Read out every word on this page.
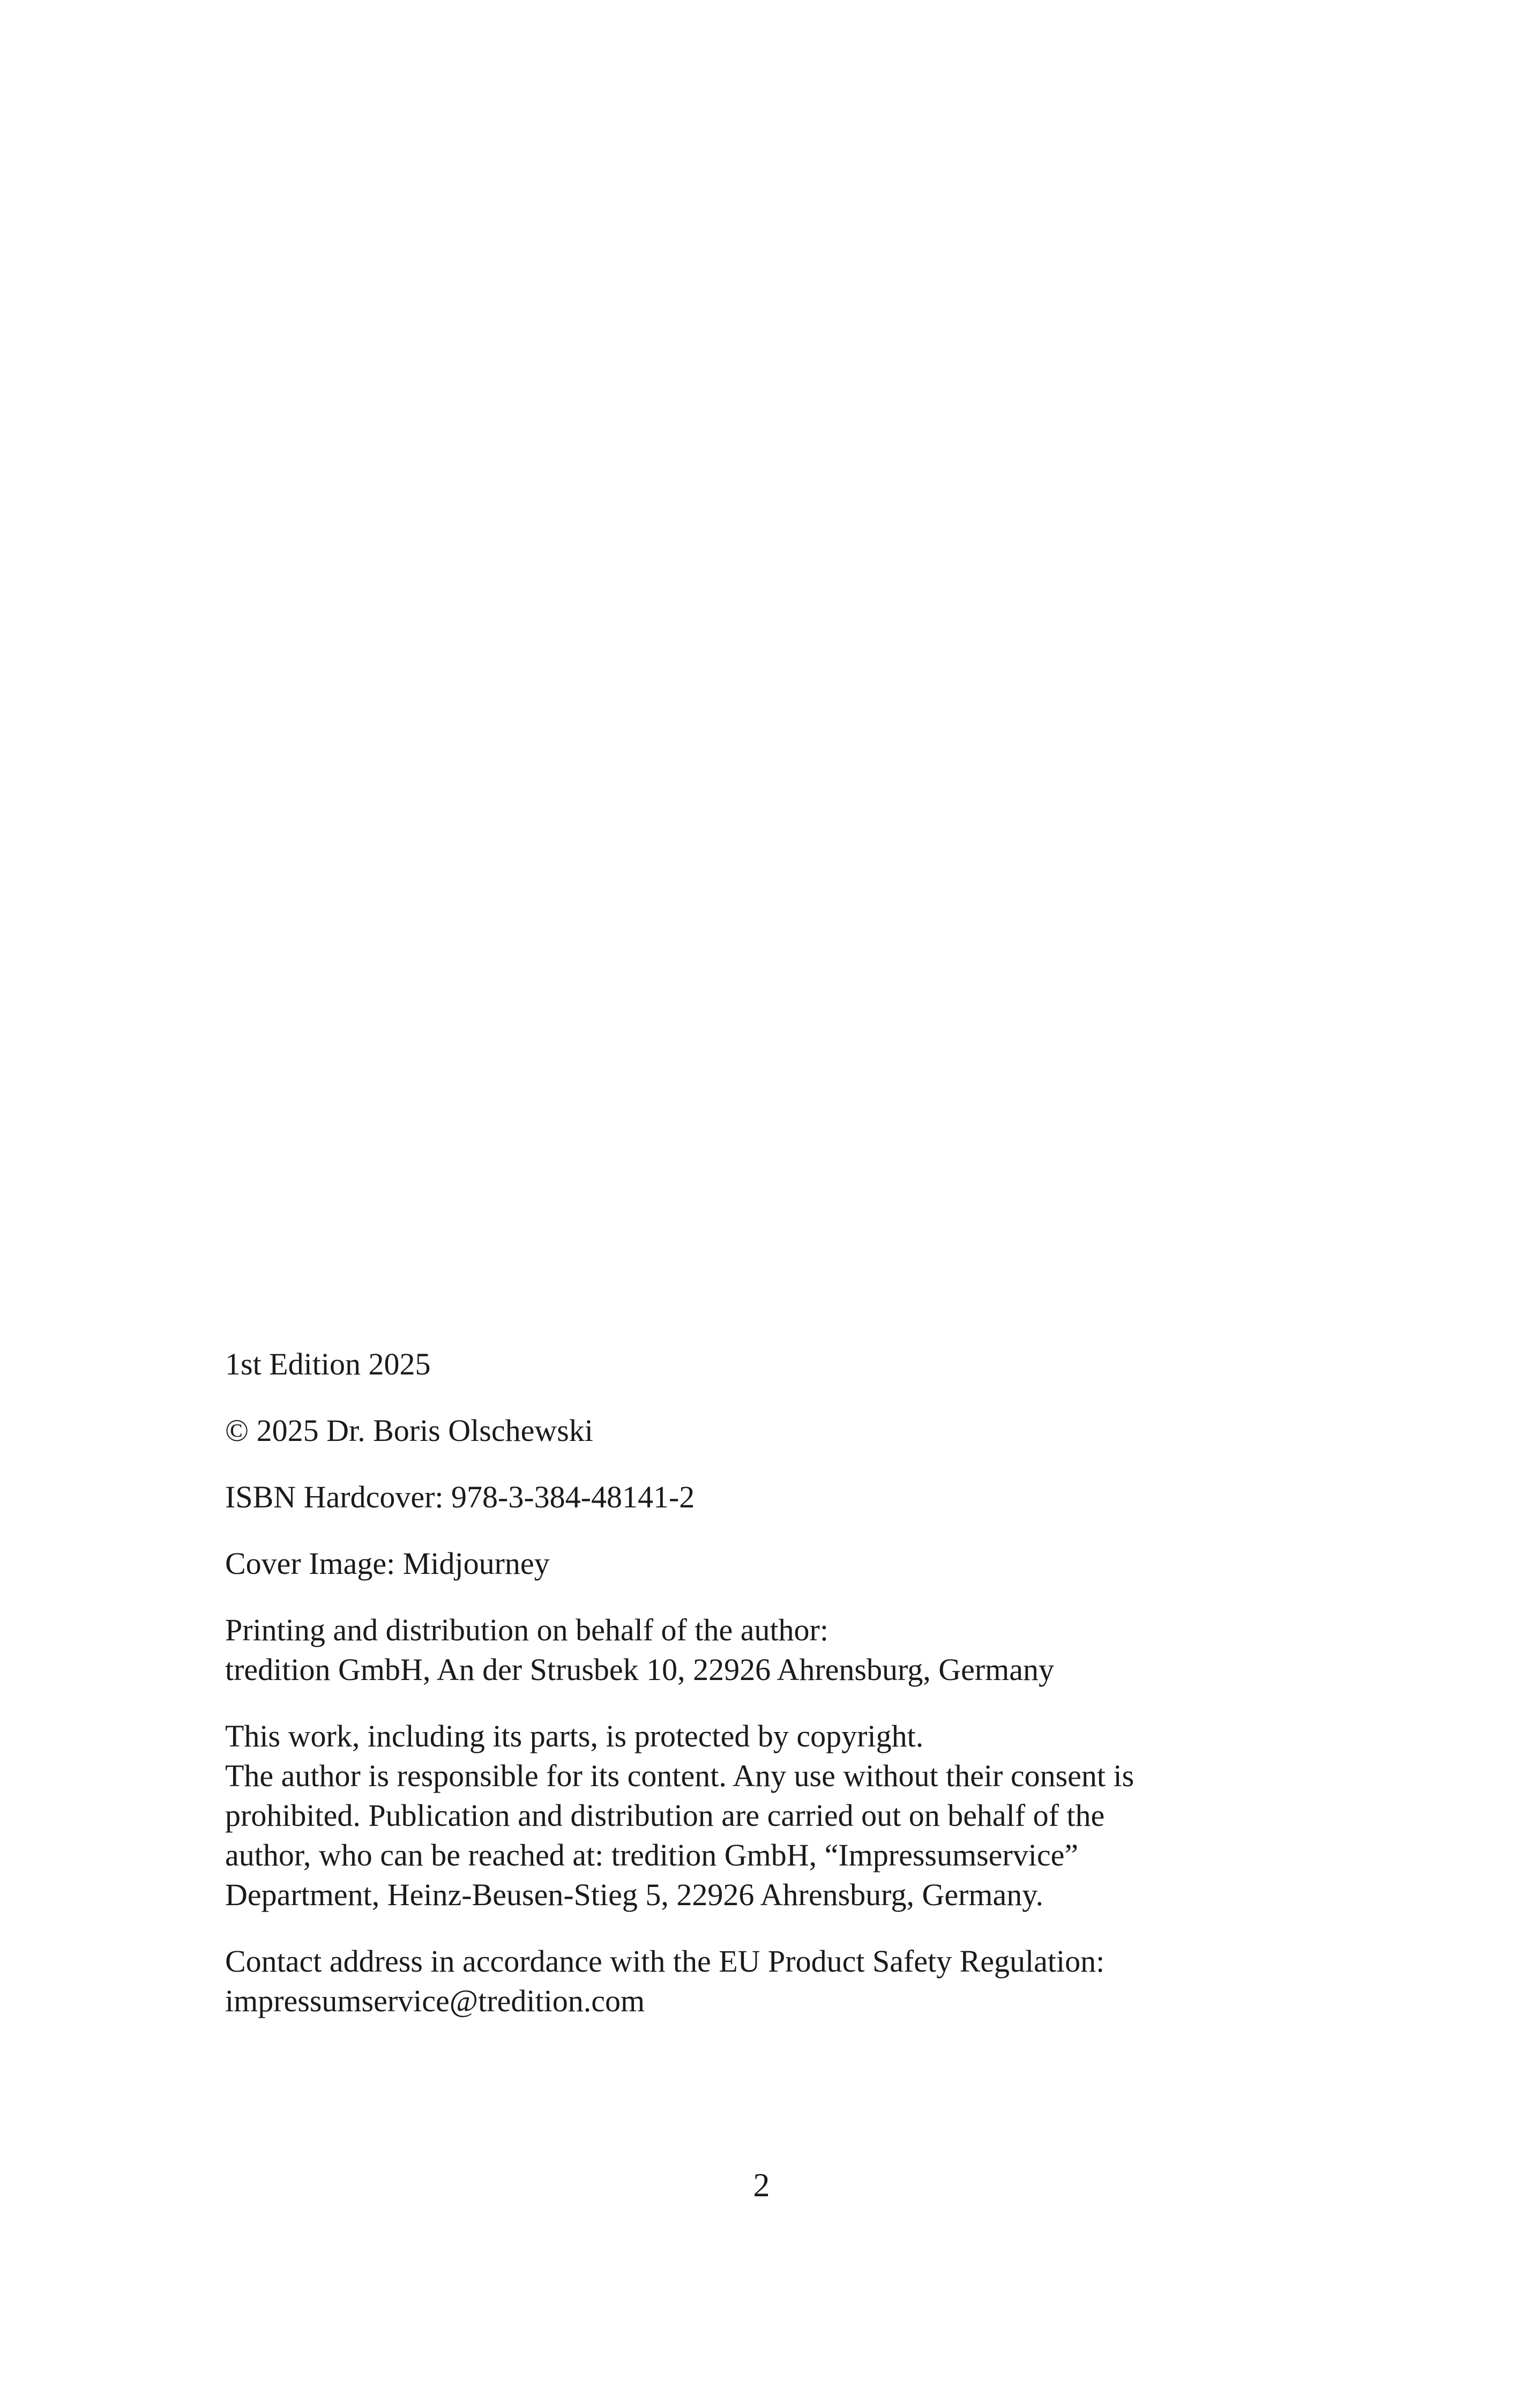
1st Edition 2025

© 2025 Dr. Boris Olschewski

ISBN Hardcover: 978-3-384-48141-2

Cover Image: Midjourney

Printing and distribution on behalf of the author:
tredition GmbH, An der Strusbek 10, 22926 Ahrensburg, Germany

This work, including its parts, is protected by copyright.
The author is responsible for its content. Any use without their consent is
prohibited. Publication and distribution are carried out on behalf of the
author, who can be reached at: tredition GmbH, “Impressumservice”
Department, Heinz-Beusen-Stieg 5, 22926 Ahrensburg, Germany.

Contact address in accordance with the EU Product Safety Regulation:
impressumservice@tredition.com

2
